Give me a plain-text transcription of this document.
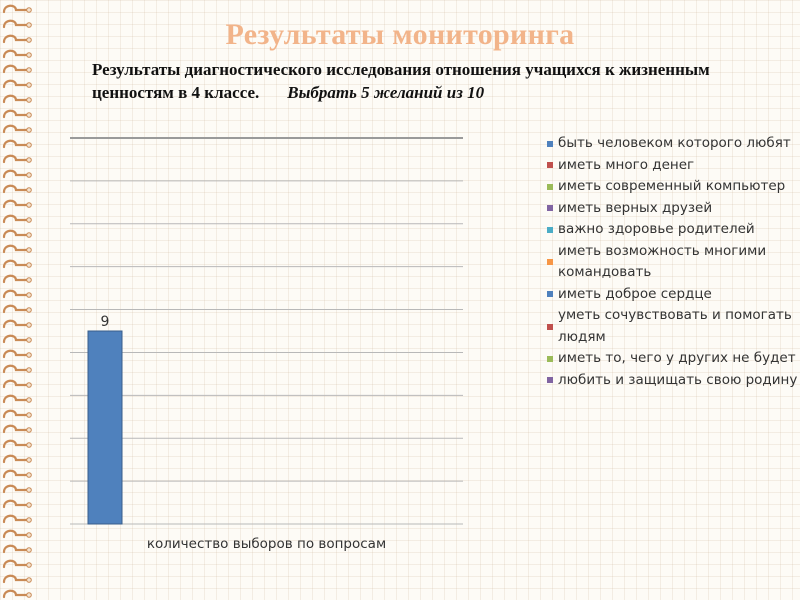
Результаты мониторинга
Результаты диагностического исследования отношения учащихся к жизненным ценностям в 4 классе. Выбрать 5 желаний из 10
9
количество выборов по вопросам
быть человеком которого любят
иметь много денег
иметь современный компьютер
иметь верных друзей
важно здоровье родителей
иметь возможность многими командовать
иметь доброе сердце
уметь сочувствовать и помогать людям
иметь то, чего у других не будет
любить и защищать свою родину
